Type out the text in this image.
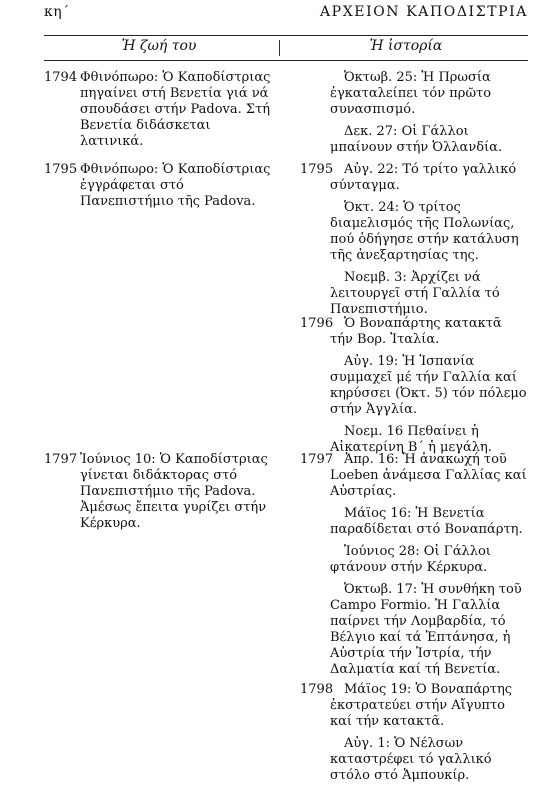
κη΄	ΑΡΧΕΙΟΝ ΚΑΠΟΔΙΣΤΡΙΑ
Ἡ ζωή του	Ἡ ἱστορία
1794 Φθινόπωρο: Ὁ Καποδίστριας πηγαίνει στή Βενετία γιά νά σπουδάσει στήν Padova. Στή Βενετία διδάσκεται λατινικά.
1795 Φθινόπωρο: Ὁ Καποδίστριας ἐγγράφεται στό Πανεπιστήμιο τῆς Padova.
1797 Ἰούνιος 10: Ὁ Καποδίστριας γίνεται διδάκτορας στό Πανεπιστήμιο τῆς Padova. Ἀμέσως ἔπειτα γυρίζει στήν Κέρκυρα.
Ὀκτωβ. 25: Ἡ Πρωσία ἐγκαταλείπει τόν πρῶτο συνασπισμό.
Δεκ. 27: Οἱ Γάλλοι μπαίνουν στήν Ὀλλανδία.
1795 Αὐγ. 22: Τό τρίτο γαλλικό σύνταγμα.
Ὀκτ. 24: Ὁ τρίτος διαμελισμός τῆς Πολωνίας, πού ὁδήγησε στήν κατάλυση τῆς ἀνεξαρτησίας της.
Νοεμβ. 3: Ἀρχίζει νά λειτουργεῖ στή Γαλλία τό Πανεπιστήμιο.
1796 Ὁ Βοναπάρτης κατακτᾶ τήν Βορ. Ἰταλία.
Αὐγ. 19: Ἡ Ἰσπανία συμμαχεῖ μέ τήν Γαλλία καί κηρύσσει (Ὀκτ. 5) τόν πόλεμο στήν Ἀγγλία.
Νοεμ. 16 Πεθαίνει ἡ Αἰκατερίνη Β΄ ἡ μεγάλη.
1797 Ἀπρ. 16: Ἡ ἀνακωχή τοῦ Loeben ἀνάμεσα Γαλλίας καί Αὐστρίας.
Μάϊος 16: Ἡ Βενετία παραδίδεται στό Βοναπάρτη.
Ἰούνιος 28: Οἱ Γάλλοι φτάνουν στήν Κέρκυρα.
Ὀκτωβ. 17: Ἡ συνθήκη τοῦ Campo Formio. Ἡ Γαλλία παίρνει τήν Λομβαρδία, τό Βέλγιο καί τά Ἑπτάνησα, ἡ Αὐστρία τήν Ἰστρία, τήν Δαλματία καί τή Βενετία.
1798 Μάϊος 19: Ὁ Βοναπάρτης ἐκστρατεύει στήν Αἴγυπτο καί τήν κατακτᾶ.
Αὐγ. 1: Ὁ Νέλσων καταστρέφει τό γαλλικό στόλο στό Ἀμπουκίρ.
